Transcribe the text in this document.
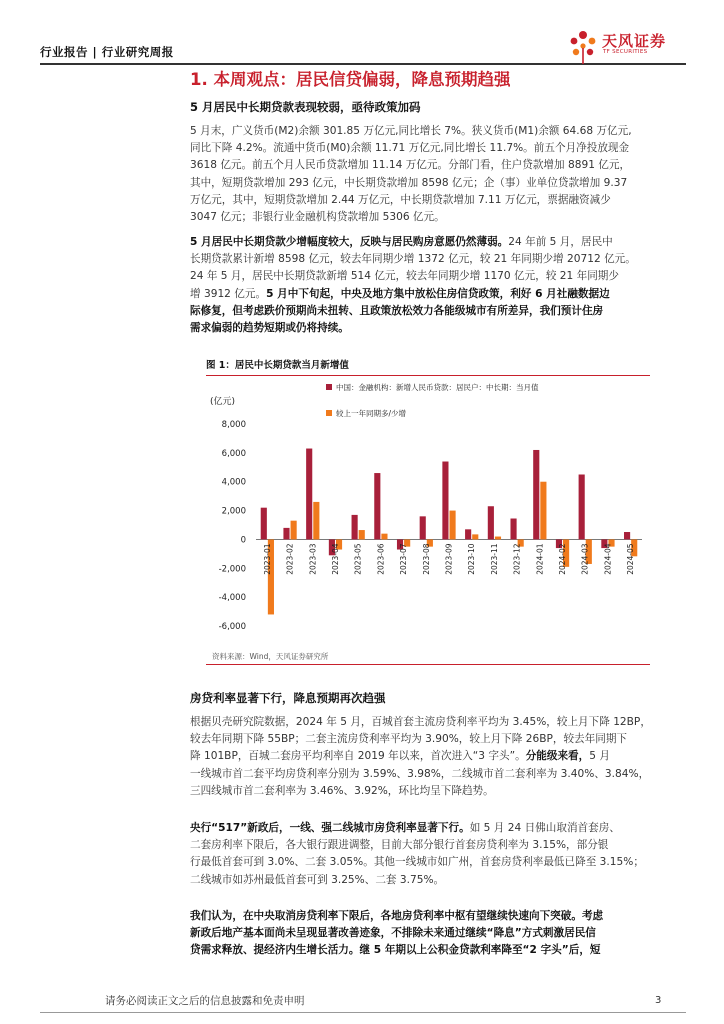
行业报告 | 行业研究周报
天风证券
TF SECURITIES
1. 本周观点：居民信贷偏弱，降息预期趋强
5 月居民中长期贷款表现较弱，亟待政策加码
5 月末，广义货币(M2)余额 301.85 万亿元,同比增长 7%。狭义货币(M1)余额 64.68 万亿元,
同比下降 4.2%。流通中货币(M0)余额 11.71 万亿元,同比增长 11.7%。前五个月净投放现金
3618 亿元。前五个月人民币贷款增加 11.14 万亿元。分部门看，住户贷款增加 8891 亿元，
其中，短期贷款增加 293 亿元，中长期贷款增加 8598 亿元；企（事）业单位贷款增加 9.37
万亿元，其中，短期贷款增加 2.44 万亿元，中长期贷款增加 7.11 万亿元，票据融资减少
3047 亿元；非银行业金融机构贷款增加 5306 亿元。
5 月居民中长期贷款少增幅度较大，反映与居民购房意愿仍然薄弱。24 年前 5 月，居民中
长期贷款累计新增 8598 亿元，较去年同期少增 1372 亿元，较 21 年同期少增 20712 亿元。
24 年 5 月，居民中长期贷款新增 514 亿元，较去年同期少增 1170 亿元，较 21 年同期少
增 3912 亿元。5 月中下旬起，中央及地方集中放松住房信贷政策，利好 6 月社融数据边
际修复，但考虑跌价预期尚未扭转、且政策放松效力各能级城市有所差异，我们预计住房
需求偏弱的趋势短期或仍将持续。
图 1：居民中长期贷款当月新增值
中国：金融机构：新增人民币贷款：居民户：中长期：当月值
较上一年同期多/少增
(亿元)
8,000
6,000
4,000
2,000
0
-2,000
-4,000
-6,000
2023-01 2023-02 2023-03 2023-04 2023-05 2023-06 2023-07 2023-08 2023-09 2023-10 2023-11 2023-12 2024-01 2024-02 2024-03 2024-04 2024-05
资料来源：Wind，天风证券研究所
房贷利率显著下行，降息预期再次趋强
根据贝壳研究院数据，2024 年 5 月，百城首套主流房贷利率平均为 3.45%，较上月下降 12BP，
较去年同期下降 55BP；二套主流房贷利率平均为 3.90%，较上月下降 26BP，较去年同期下
降 101BP，百城二套房平均利率自 2019 年以来，首次进入“3 字头”。分能级来看，5 月
一线城市首二套平均房贷利率分别为 3.59%、3.98%，二线城市首二套利率为 3.40%、3.84%，
三四线城市首二套利率为 3.46%、3.92%，环比均呈下降趋势。
央行“517”新政后，一线、强二线城市房贷利率显著下行。如 5 月 24 日佛山取消首套房、
二套房利率下限后，各大银行跟进调整，目前大部分银行首套房贷利率为 3.15%，部分银
行最低首套可到 3.0%、二套 3.05%。其他一线城市如广州，首套房贷利率最低已降至 3.15%；
二线城市如苏州最低首套可到 3.25%、二套 3.75%。
我们认为，在中央取消房贷利率下限后，各地房贷利率中枢有望继续快速向下突破。考虑
新政后地产基本面尚未呈现显著改善迹象，不排除未来通过继续“降息”方式刺激居民信
贷需求释放、提经济内生增长活力。继 5 年期以上公积金贷款利率降至“2 字头”后，短
请务必阅读正文之后的信息披露和免责申明	3
